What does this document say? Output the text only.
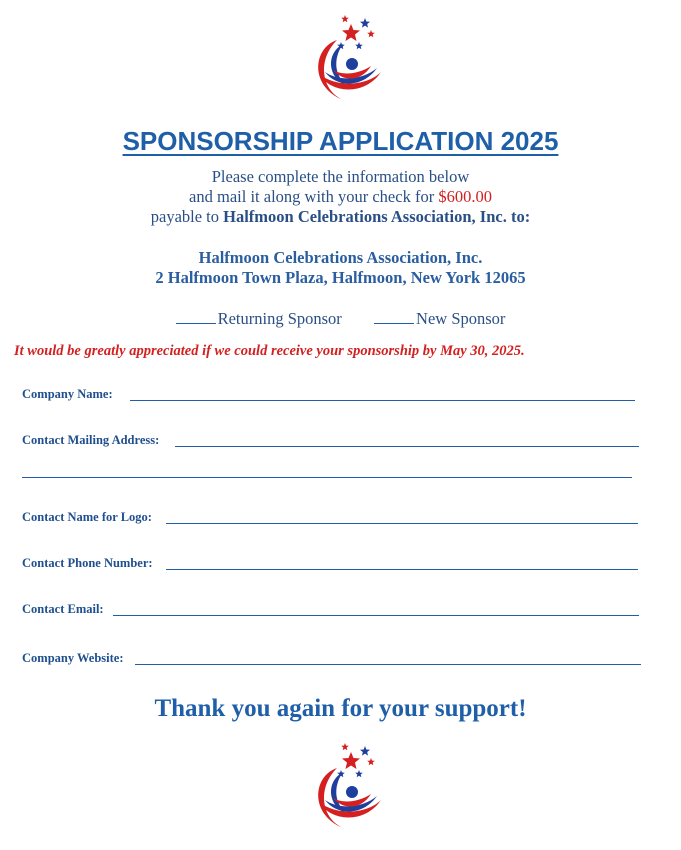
SPONSORSHIP APPLICATION 2025
Please complete the information below
and mail it along with your check for $600.00
payable to Halfmoon Celebrations Association, Inc. to:
Halfmoon Celebrations Association, Inc.
2 Halfmoon Town Plaza, Halfmoon, New York 12065
Returning Sponsor	New Sponsor
It would be greatly appreciated if we could receive your sponsorship by May 30, 2025.
Company Name:
Contact Mailing Address:
Contact Name for Logo:
Contact Phone Number:
Contact Email:
Company Website:
Thank you again for your support!
